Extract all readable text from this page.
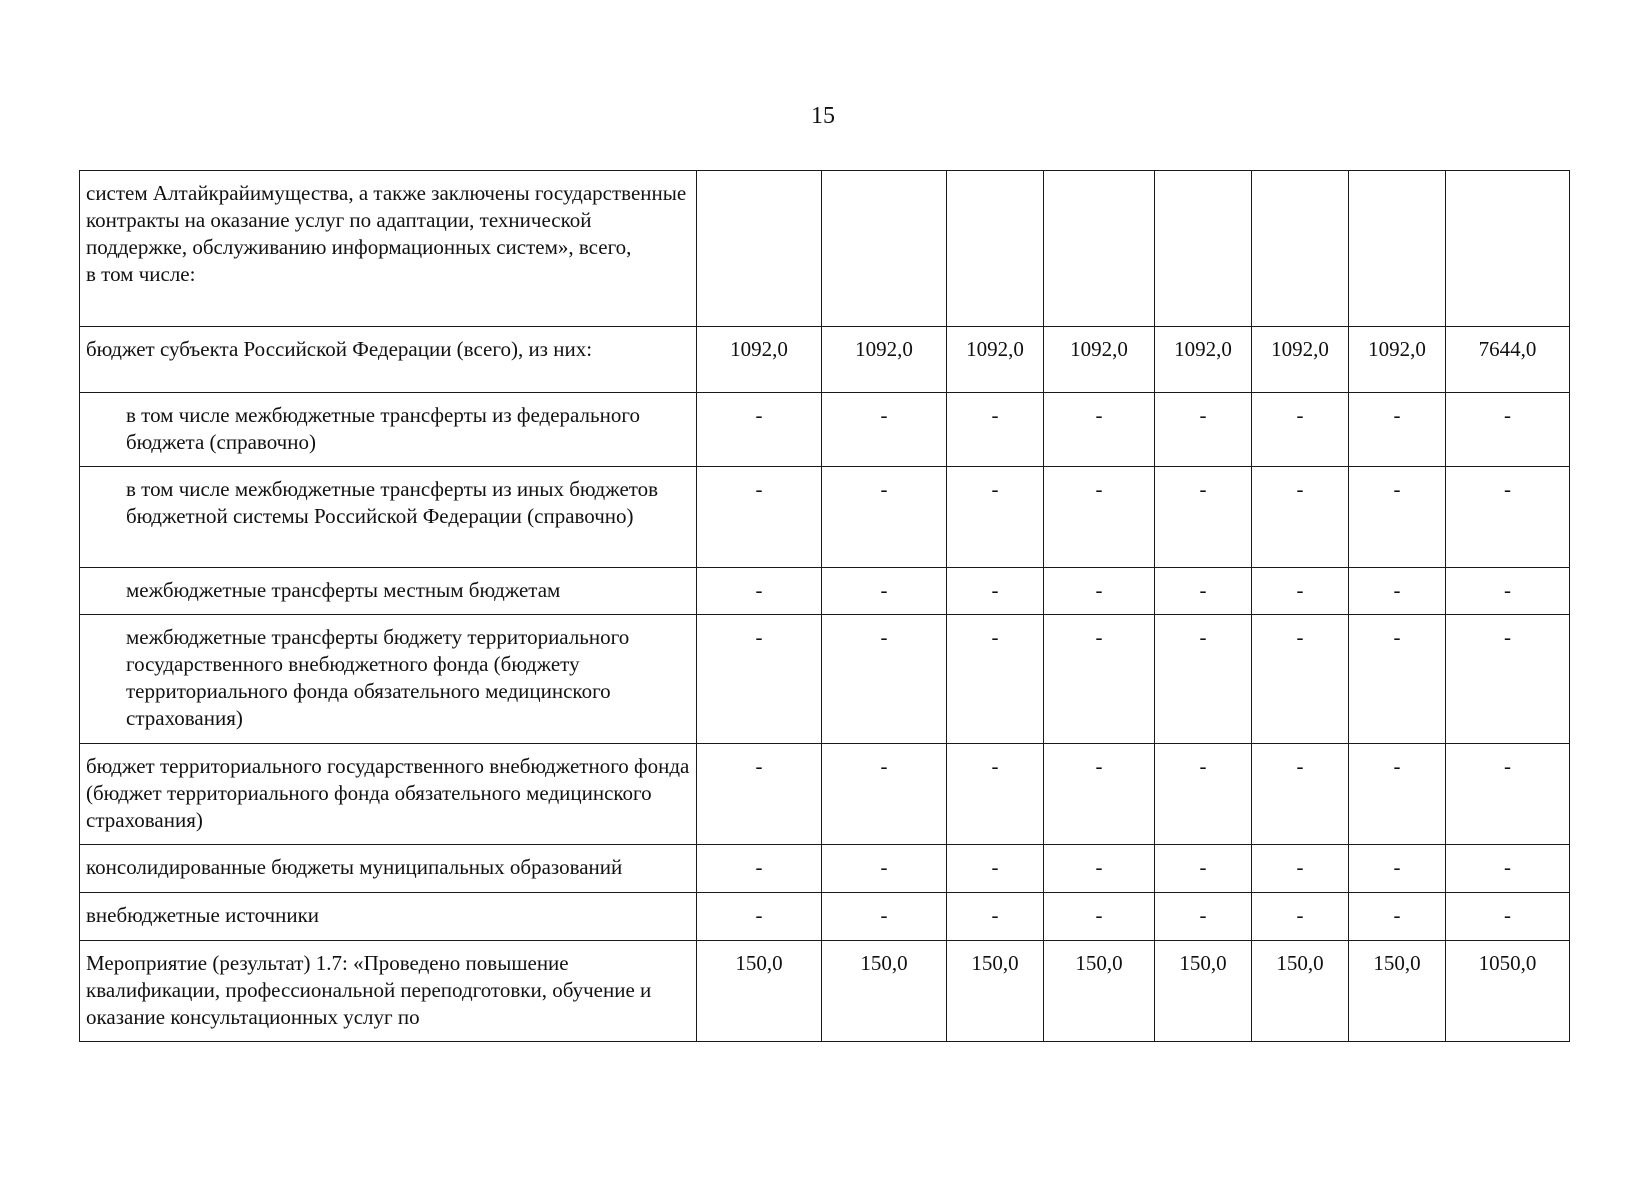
15
систем Алтайкрайимущества, а также заключены государственные контракты на оказание услуг по адаптации, технической поддержке, обслуживанию информационных систем», всего,
в том числе:								
бюджет субъекта Российской Федерации (всего), из них:	1092,0	1092,0	1092,0	1092,0	1092,0	1092,0	1092,0	7644,0
в том числе межбюджетные трансферты из федерального бюджета (справочно)	-	-	-	-	-	-	-	-
в том числе межбюджетные трансферты из иных бюджетов бюджетной системы Российской Федерации (справочно)	-	-	-	-	-	-	-	-
межбюджетные трансферты местным бюджетам	-	-	-	-	-	-	-	-
межбюджетные трансферты бюджету территориального государственного внебюджетного фонда (бюджету территориального фонда обязательного медицинского страхования)	-	-	-	-	-	-	-	-
бюджет территориального государственного внебюджетного фонда (бюджет территориального фонда обязательного медицинского страхования)	-	-	-	-	-	-	-	-
консолидированные бюджеты муниципальных образований	-	-	-	-	-	-	-	-
внебюджетные источники	-	-	-	-	-	-	-	-
Мероприятие (результат) 1.7: «Проведено повышение квалификации, профессиональной переподготовки, обучение и оказание консультационных услуг по	150,0	150,0	150,0	150,0	150,0	150,0	150,0	1050,0
